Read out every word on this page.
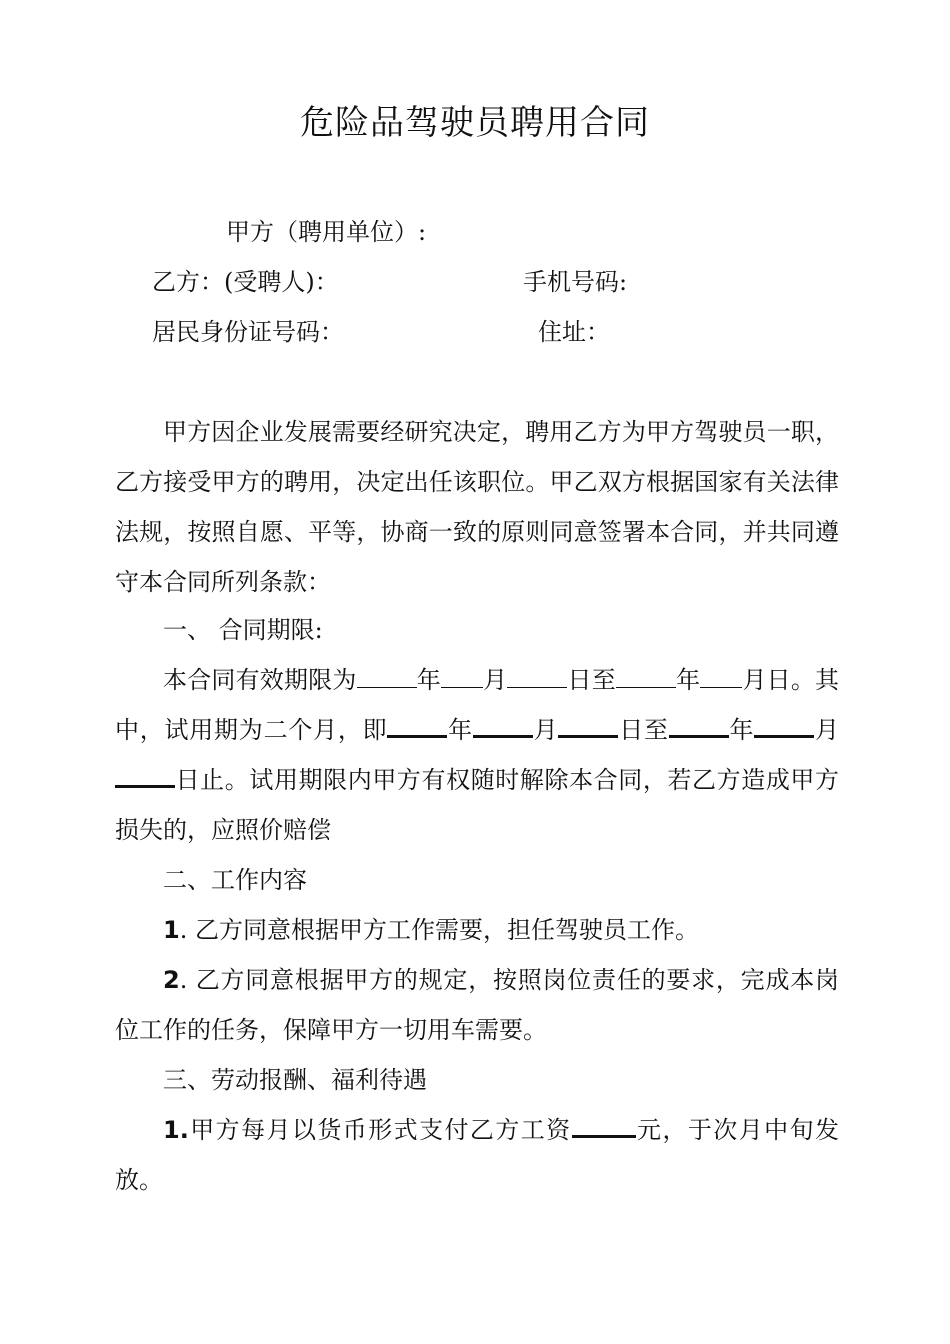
危险品驾驶员聘用合同
甲方（聘用单位）:
乙方：(受聘人)：	手机号码:
居民身份证号码：	住址：
甲方因企业发展需要经研究决定，聘用乙方为甲方驾驶员一职，乙方接受甲方的聘用，决定出任该职位。甲乙双方根据国家有关法律法规，按照自愿、平等，协商一致的原则同意签署本合同，并共同遵守本合同所列条款：
一、 合同期限:
本合同有效期限为	年 月	日至	年 月日。其中，试用期为二个月，即	年	月	日至	年	月日止。试用期限内甲方有权随时解除本合同，若乙方造成甲方损失的，应照价赔偿
二、工作内容
1. 乙方同意根据甲方工作需要，担任驾驶员工作。
2. 乙方同意根据甲方的规定，按照岗位责任的要求，完成本岗位工作的任务，保障甲方一切用车需要。
三、劳动报酬、福利待遇
1.甲方每月以货币形式支付乙方工资	元，于次月中旬发放。
